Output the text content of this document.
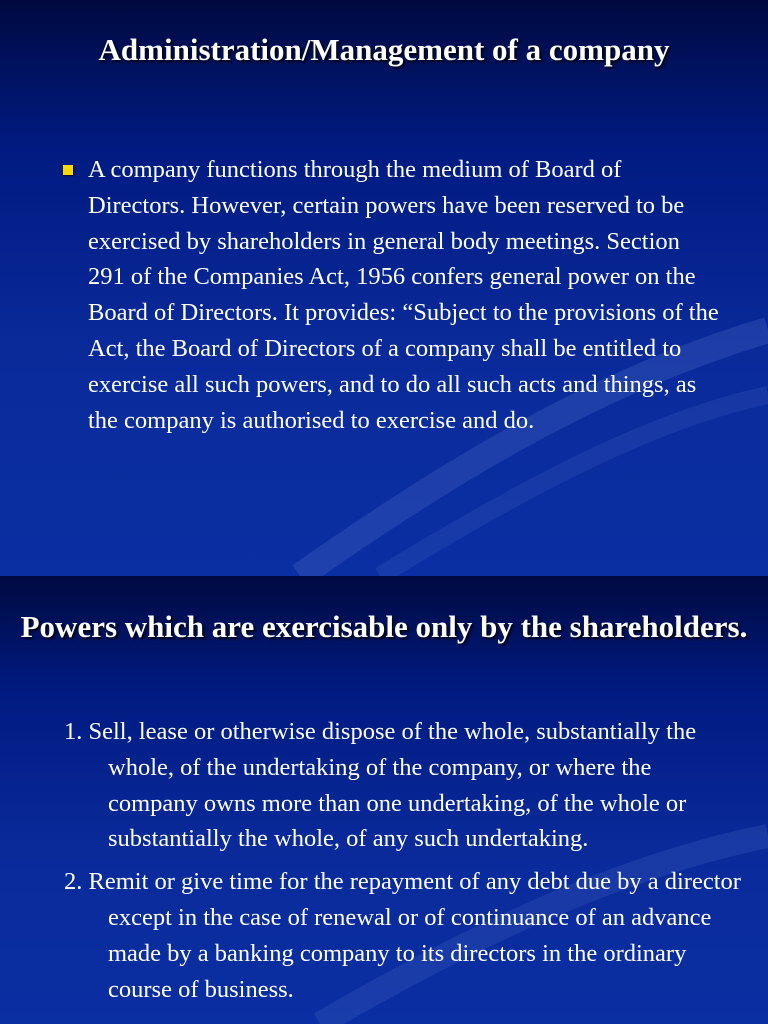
Administration/Management of a company

A company functions through the medium of Board of Directors. However, certain powers have been reserved to be exercised by shareholders in general body meetings. Section 291 of the Companies Act, 1956 confers general power on the Board of Directors. It provides: “Subject to the provisions of the Act, the Board of Directors of a company shall be entitled to exercise all such powers, and to do all such acts and things, as the company is authorised to exercise and do.

Powers which are exercisable only by the shareholders.
1. Sell, lease or otherwise dispose of the whole, substantially the whole, of the undertaking of the company, or where the company owns more than one undertaking, of the whole or substantially the whole, of any such undertaking.
2. Remit or give time for the repayment of any debt due by a director except in the case of renewal or of continuance of an advance made by a banking company to its directors in the ordinary course of business.
